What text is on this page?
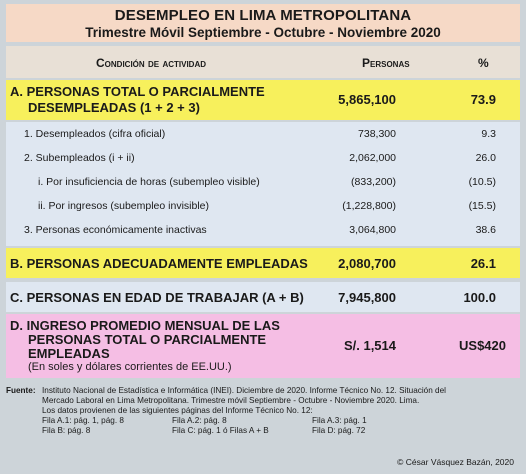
DESEMPLEO EN LIMA METROPOLITANA
Trimestre Móvil Septiembre - Octubre - Noviembre 2020
Condición de actividad	Personas	%
A. PERSONAS TOTAL O PARCIALMENTE
DESEMPLEADAS (1 + 2 + 3)
5,865,100	73.9
1. Desempleados (cifra oficial)	738,300	9.3
2. Subempleados (i + ii)	2,062,000	26.0
i. Por insuficiencia de horas (subempleo visible)	(833,200)	(10.5)
ii. Por ingresos (subempleo invisible)	(1,228,800)	(15.5)
3. Personas económicamente inactivas	3,064,800	38.6
B. PERSONAS ADECUADAMENTE EMPLEADAS 2,080,700	26.1
C. PERSONAS EN EDAD DE TRABAJAR (A + B)	7,945,800	100.0
D. INGRESO PROMEDIO MENSUAL DE LAS
PERSONAS TOTAL O PARCIALMENTE
EMPLEADAS
(En soles y dólares corrientes de EE.UU.)
S/. 1,514	US$420
Fuente: Instituto Nacional de Estadística e Informática (INEI). Diciembre de 2020. Informe Técnico No. 12. Situación del
Mercado Laboral en Lima Metropolitana. Trimestre móvil Septiembre - Octubre - Noviembre 2020. Lima.
Los datos provienen de las siguientes páginas del Informe Técnico No. 12:
Fila A.1: pág. 1, pág. 8	Fila A.2: pág. 8	Fila A.3: pág. 1
Fila B: pág. 8	Fila C: pág. 1 ó Filas A + B	Fila D: pág. 72
© César Vásquez Bazán, 2020
